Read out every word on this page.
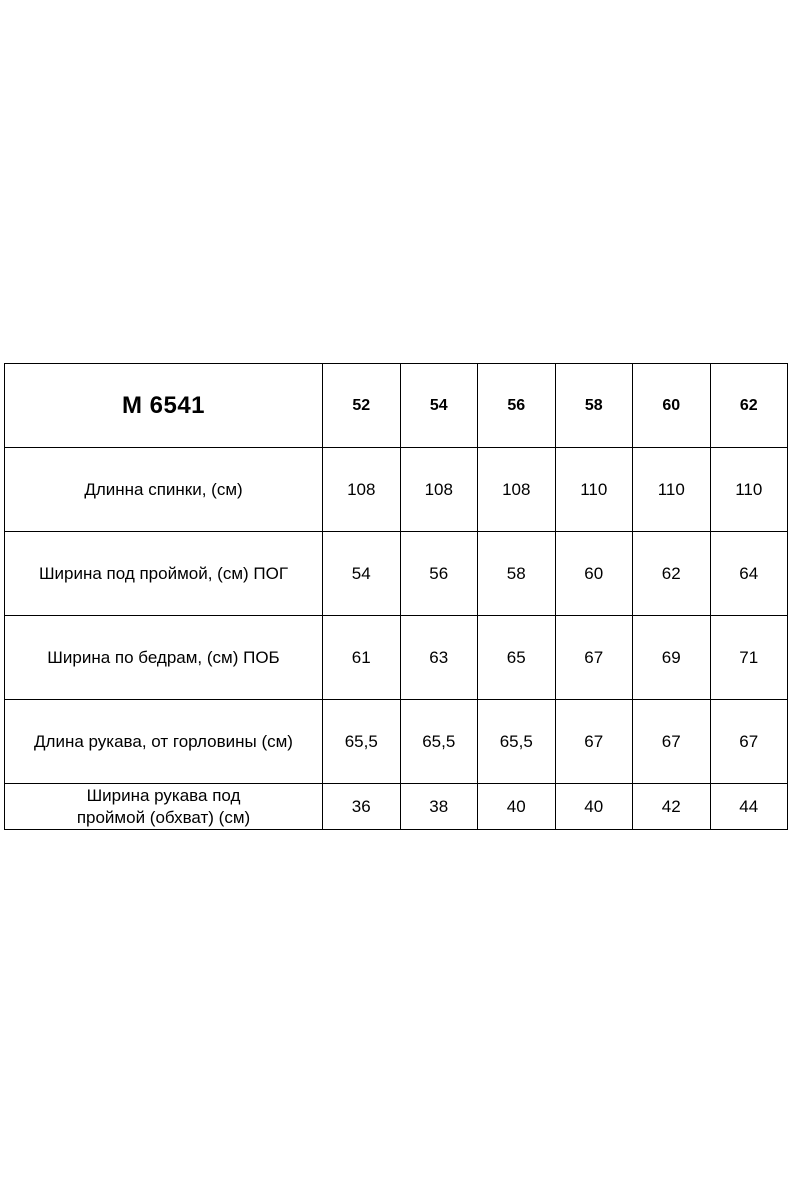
М 6541	52	54	56	58	60	62
Длинна спинки, (см)	108	108	108	110	110	110
Ширина под проймой, (см) ПОГ	54	56	58	60	62	64
Ширина по бедрам, (см) ПОБ	61	63	65	67	69	71
Длина рукава, от горловины (см)	65,5	65,5	65,5	67	67	67

Ширина рукава под
проймой (обхват) (см)	36	38	40	40	42	44
